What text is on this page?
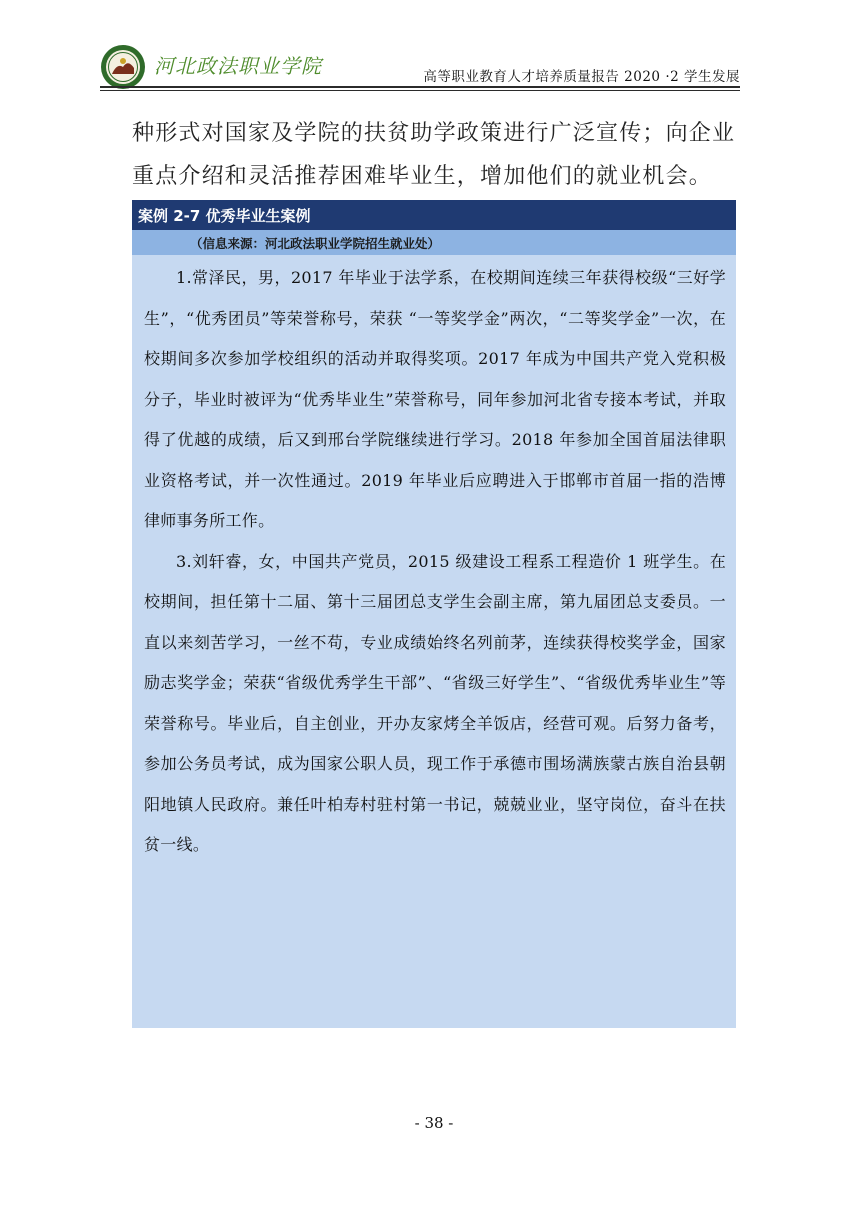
河北政法职业学院	高等职业教育人才培养质量报告 2020 ·2 学生发展
种形式对国家及学院的扶贫助学政策进行广泛宣传；向企业重点介绍和灵活推荐困难毕业生，增加他们的就业机会。
案例 2-7 优秀毕业生案例
（信息来源：河北政法职业学院招生就业处）

1.常泽民，男，2017 年毕业于法学系，在校期间连续三年获得校级“三好学生”，“优秀团员”等荣誉称号，荣获 “一等奖学金”两次，“二等奖学金”一次，在校期间多次参加学校组织的活动并取得奖项。2017 年成为中国共产党入党积极分子，毕业时被评为“优秀毕业生”荣誉称号，同年参加河北省专接本考试，并取得了优越的成绩，后又到邢台学院继续进行学习。2018 年参加全国首届法律职业资格考试，并一次性通过。2019 年毕业后应聘进入于邯郸市首届一指的浩博律师事务所工作。

3.刘轩睿，女，中国共产党员，2015 级建设工程系工程造价 1 班学生。在校期间，担任第十二届、第十三届团总支学生会副主席，第九届团总支委员。一直以来刻苦学习，一丝不苟，专业成绩始终名列前茅，连续获得校奖学金，国家励志奖学金；荣获“省级优秀学生干部”、“省级三好学生”、“省级优秀毕业生”等荣誉称号。毕业后，自主创业，开办友家烤全羊饭店，经营可观。后努力备考，参加公务员考试，成为国家公职人员，现工作于承德市围场满族蒙古族自治县朝阳地镇人民政府。兼任叶柏寿村驻村第一书记，兢兢业业，坚守岗位，奋斗在扶贫一线。

- 38 -
